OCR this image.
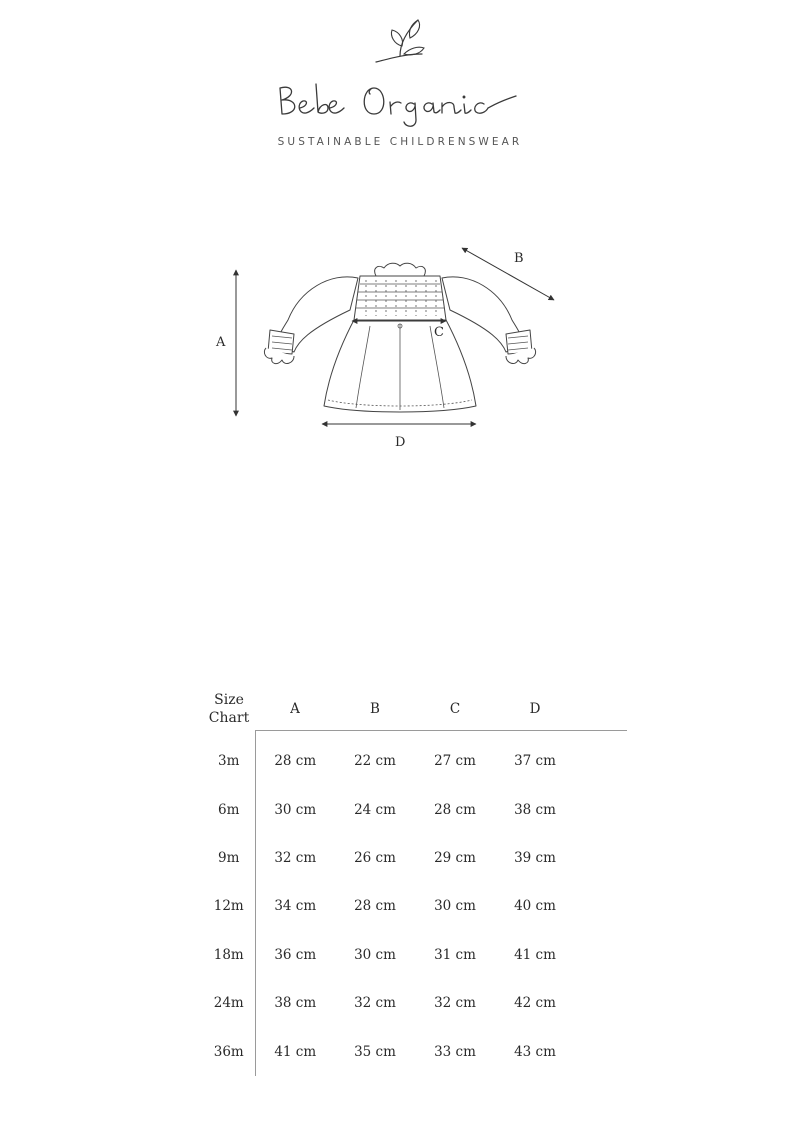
SUSTAINABLE CHILDRENSWEAR
A
B
C
D
Size
Chart	A	B	C	D	
3m	28 cm	22 cm	27 cm	37 cm	
6m	30 cm	24 cm	28 cm	38 cm	
9m	32 cm	26 cm	29 cm	39 cm	
12m	34 cm	28 cm	30 cm	40 cm	
18m	36 cm	30 cm	31 cm	41 cm	
24m	38 cm	32 cm	32 cm	42 cm	
36m	41 cm	35 cm	33 cm	43 cm	
